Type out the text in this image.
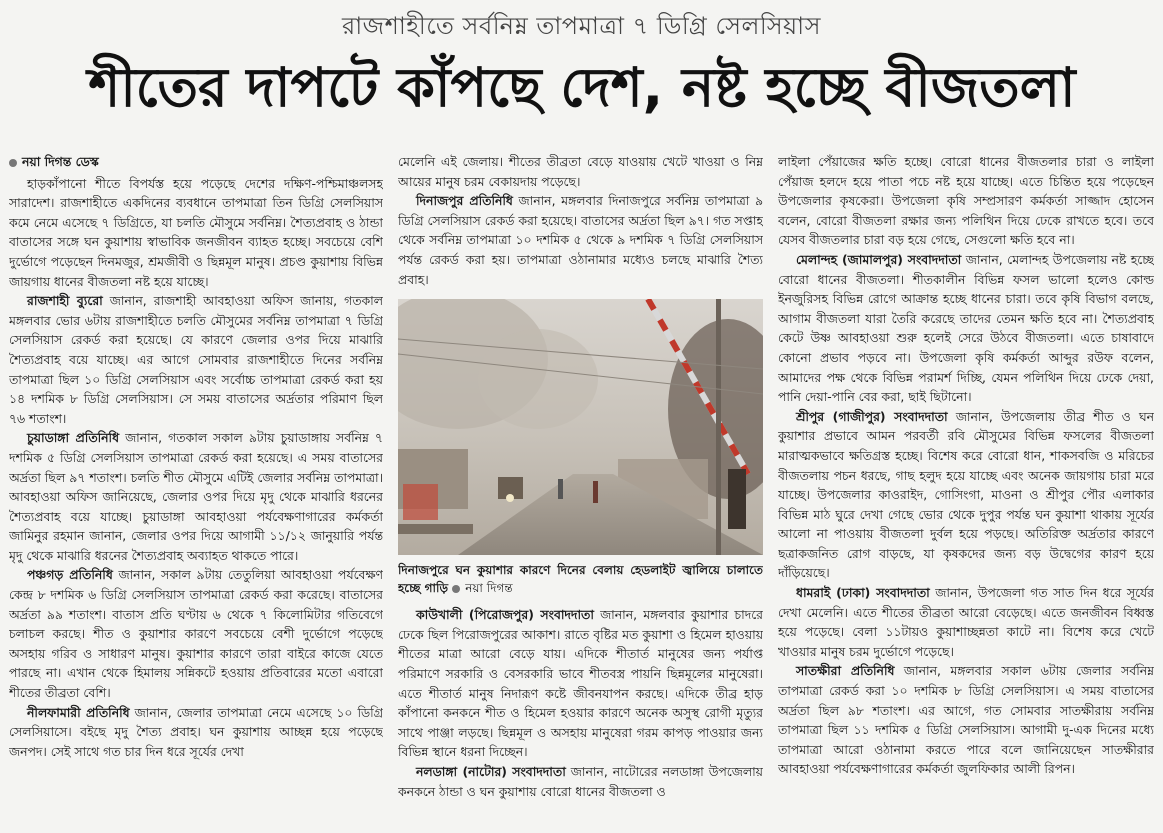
রাজশাহীতে সর্বনিম্ন তাপমাত্রা ৭ ডিগ্রি সেলসিয়াস
শীতের দাপটে কাঁপছে দেশ, নষ্ট হচ্ছে বীজতলা
নয়া দিগন্ত ডেস্ক

হাড়কাঁপানো শীতে বিপর্যস্ত হয়ে পড়েছে দেশের দক্ষিণ-পশ্চিমাঞ্চলসহ সারাদেশ। রাজশাহীতে একদিনের ব্যবধানে তাপমাত্রা তিন ডিগ্রি সেলসিয়াস কমে নেমে এসেছে ৭ ডিগ্রিতে, যা চলতি মৌসুমে সর্বনিম্ন। শৈত্যপ্রবাহ ও ঠান্ডা বাতাসের সঙ্গে ঘন কুয়াশায় স্বাভাবিক জনজীবন ব্যাহত হচ্ছে। সবচেয়ে বেশি দুর্ভোগে পড়েছেন দিনমজুর, শ্রমজীবী ও ছিন্নমূল মানুষ। প্রচণ্ড কুয়াশায় বিভিন্ন জায়গায় ধানের বীজতলা নষ্ট হয়ে যাচ্ছে।

রাজশাহী ব্যুরো জানান, রাজশাহী আবহাওয়া অফিস জানায়, গতকাল মঙ্গলবার ভোর ৬টায় রাজশাহীতে চলতি মৌসুমের সর্বনিম্ন তাপমাত্রা ৭ ডিগ্রি সেলসিয়াস রেকর্ড করা হয়েছে। যে কারণে জেলার ওপর দিয়ে মাঝারি শৈত্যপ্রবাহ বয়ে যাচ্ছে। এর আগে সোমবার রাজশাহীতে দিনের সর্বনিম্ন তাপমাত্রা ছিল ১০ ডিগ্রি সেলসিয়াস এবং সর্বোচ্চ তাপমাত্রা রেকর্ড করা হয় ১৪ দশমিক ৮ ডিগ্রি সেলসিয়াস। সে সময় বাতাসের অর্দ্রতার পরিমাণ ছিল ৭৬ শতাংশ।

চুয়াডাঙ্গা প্রতিনিধি জানান, গতকাল সকাল ৯টায় চুয়াডাঙ্গায় সর্বনিম্ন ৭ দশমিক ৫ ডিগ্রি সেলসিয়াস তাপমাত্রা রেকর্ড করা হয়েছে। এ সময় বাতাসের অর্দ্রতা ছিল ৯৭ শতাংশ। চলতি শীত মৌসুমে এটিই জেলার সর্বনিম্ন তাপমাত্রা। আবহাওয়া অফিস জানিয়েছে, জেলার ওপর দিয়ে মৃদু থেকে মাঝারি ধরনের শৈত্যপ্রবাহ বয়ে যাচ্ছে। চুয়াডাঙ্গা আবহাওয়া পর্যবেক্ষণাগারের কর্মকর্তা জামিনুর রহমান জানান, জেলার ওপর দিয়ে আগামী ১১/১২ জানুয়ারি পর্যন্ত মৃদু থেকে মাঝারি ধরনের শৈত্যপ্রবাহ অব্যাহত থাকতে পারে।

পঞ্চগড় প্রতিনিধি জানান, সকাল ৯টায় তেতুলিয়া আবহাওয়া পর্যবেক্ষণ কেন্দ্র ৮ দশমিক ৬ ডিগ্রি সেলসিয়াস তাপমাত্রা রেকর্ড করা করেছে। বাতাসের অর্দ্রতা ৯৯ শতাংশ। বাতাস প্রতি ঘণ্টায় ৬ থেকে ৭ কিলোমিটার গতিবেগে চলাচল করছে। শীত ও কুয়াশার কারণে সবচেয়ে বেশী দুর্ভোগে পড়েছে অসহায় গরিব ও সাধারণ মানুষ। কুয়াশার কারণে তারা বাইরে কাজে যেতে পারছে না। এখান থেকে হিমালয় সন্নিকটে হওয়ায় প্রতিবারের মতো এবারো শীতের তীব্রতা বেশি।

নীলফামারী প্রতিনিধি জানান, জেলার তাপমাত্রা নেমে এসেছে ১০ ডিগ্রি সেলসিয়াসে। বইছে মৃদু শৈত্য প্রবাহ। ঘন কুয়াশায় আচ্ছন্ন হয়ে পড়েছে জনপদ। সেই সাথে গত চার দিন ধরে সূর্যের দেখা

মেলেনি এই জেলায়। শীতের তীব্রতা বেড়ে যাওয়ায় খেটে খাওয়া ও নিম্ন আয়ের মানুষ চরম বেকায়দায় পড়েছে।

দিনাজপুর প্রতিনিধি জানান, মঙ্গলবার দিনাজপুরে সর্বনিম্ন তাপমাত্রা ৯ ডিগ্রি সেলসিয়াস রেকর্ড করা হয়েছে। বাতাসের অর্দ্রতা ছিল ৯৭। গত সপ্তাহ থেকে সর্বনিম্ন তাপমাত্রা ১০ দশমিক ৫ থেকে ৯ দশমিক ৭ ডিগ্রি সেলসিয়াস পর্যন্ত রেকর্ড করা হয়। তাপমাত্রা ওঠানামার মধ্যেও চলছে মাঝারি শৈত্য প্রবাহ।

দিনাজপুরে ঘন কুয়াশার কারণে দিনের বেলায় হেডলাইট জ্বালিয়ে চালাতে হচ্ছে গাড়ি নয়া দিগন্ত

কাউখালী (পিরোজপুর) সংবাদদাতা জানান, মঙ্গলবার কুয়াশার চাদরে ঢেকে ছিল পিরোজপুরের আকাশ। রাতে বৃষ্টির মত কুয়াশা ও হিমেল হাওয়ায় শীতের মাত্রা আরো বেড়ে যায়। এদিকে শীতার্ত মানুষের জন্য পর্যাপ্ত পরিমাণে সরকারি ও বেসরকারি ভাবে শীতবস্ত্র পায়নি ছিন্নমূলের মানুষেরা। এতে শীতার্ত মানুষ নিদারূণ কষ্টে জীবনযাপন করছে। এদিকে তীব্র হাড় কাঁপানো কনকনে শীত ও হিমেল হওয়ার কারণে অনেক অসুস্থ রোগী মৃত্যুর সাথে পাঞ্জা লড়ছে। ছিন্নমূল ও অসহায় মানুষেরা গরম কাপড় পাওয়ার জন্য বিভিন্ন স্থানে ধরনা দিচ্ছেন।

নলডাঙ্গা (নাটোর) সংবাদদাতা জানান, নাটোরের নলডাঙ্গা উপজেলায় কনকনে ঠান্ডা ও ঘন কুয়াশায় বোরো ধানের বীজতলা ও

লাইলা পেঁয়াজের ক্ষতি হচ্ছে। বোরো ধানের বীজতলার চারা ও লাইলা পেঁয়াজ হলদে হয়ে পাতা পচে নষ্ট হয়ে যাচ্ছে। এতে চিন্তিত হয়ে পড়েছেন উপজেলার কৃষকেরা। উপজেলা কৃষি সম্প্রসারণ কর্মকর্তা সাজ্জাদ হোসেন বলেন, বোরো বীজতলা রক্ষার জন্য পলিথিন দিয়ে ঢেকে রাখতে হবে। তবে যেসব বীজতলার চারা বড় হয়ে গেছে, সেগুলো ক্ষতি হবে না।

মেলান্দহ (জামালপুর) সংবাদদাতা জানান, মেলান্দহ উপজেলায় নষ্ট হচ্ছে বোরো ধানের বীজতলা। শীতকালীন বিভিন্ন ফসল ভালো হলেও কোল্ড ইনজুরিসহ বিভিন্ন রোগে আক্রান্ত হচ্ছে ধানের চারা। তবে কৃষি বিভাগ বলছে, আগাম বীজতলা যারা তৈরি করেছে তাদের তেমন ক্ষতি হবে না। শৈত্যপ্রবাহ কেটে উষ্ণ আবহাওয়া শুরু হলেই সেরে উঠবে বীজতলা। এতে চাষাবাদে কোনো প্রভাব পড়বে না। উপজেলা কৃষি কর্মকর্তা আব্দুর রউফ বলেন, আমাদের পক্ষ থেকে বিভিন্ন পরামর্শ দিচ্ছি, যেমন পলিথিন দিয়ে ঢেকে দেয়া, পানি দেয়া-পানি বের করা, ছাই ছিটানো।

শ্রীপুর (গাজীপুর) সংবাদদাতা জানান, উপজেলায় তীব্র শীত ও ঘন কুয়াশার প্রভাবে আমন পরবর্তী রবি মৌসুমের বিভিন্ন ফসলের বীজতলা মারাত্মকভাবে ক্ষতিগ্রস্ত হচ্ছে। বিশেষ করে বোরো ধান, শাকসবজি ও মরিচের বীজতলায় পচন ধরছে, গাছ হলুদ হয়ে যাচ্ছে এবং অনেক জায়গায় চারা মরে যাচ্ছে। উপজেলার কাওরাইদ, গোসিংগা, মাওনা ও শ্রীপুর পৌর এলাকার বিভিন্ন মাঠ ঘুরে দেখা গেছে ভোর থেকে দুপুর পর্যন্ত ঘন কুয়াশা থাকায় সূর্যের আলো না পাওয়ায় বীজতলা দুর্বল হয়ে পড়ছে। অতিরিক্ত অর্দ্রতার কারণে ছত্রাকজনিত রোগ বাড়ছে, যা কৃষকদের জন্য বড় উদ্বেগের কারণ হয়ে দাঁড়িয়েছে।

ধামরাই (ঢাকা) সংবাদদাতা জানান, উপজেলা গত সাত দিন ধরে সূর্যের দেখা মেলেনি। এতে শীতের তীব্রতা আরো বেড়েছে। এতে জনজীবন বিধ্বস্ত হয়ে পড়েছে। বেলা ১১টায়ও কুয়াশাচ্ছন্নতা কাটে না। বিশেষ করে খেটে খাওয়ার মানুষ চরম দুর্ভোগে পড়েছে।

সাতক্ষীরা প্রতিনিধি জানান, মঙ্গলবার সকাল ৬টায় জেলার সর্বনিম্ন তাপমাত্রা রেকর্ড করা ১০ দশমিক ৮ ডিগ্রি সেলসিয়াস। এ সময় বাতাসের অর্দ্রতা ছিল ৯৮ শতাংশ। এর আগে, গত সোমবার সাতক্ষীরায় সর্বনিম্ন তাপমাত্রা ছিল ১১ দশমিক ৫ ডিগ্রি সেলসিয়াস। আগামী দু-এক দিনের মধ্যে তাপমাত্রা আরো ওঠানামা করতে পারে বলে জানিয়েছেন সাতক্ষীরার আবহাওয়া পর্যবেক্ষণাগারের কর্মকর্তা জুলফিকার আলী রিপন।
